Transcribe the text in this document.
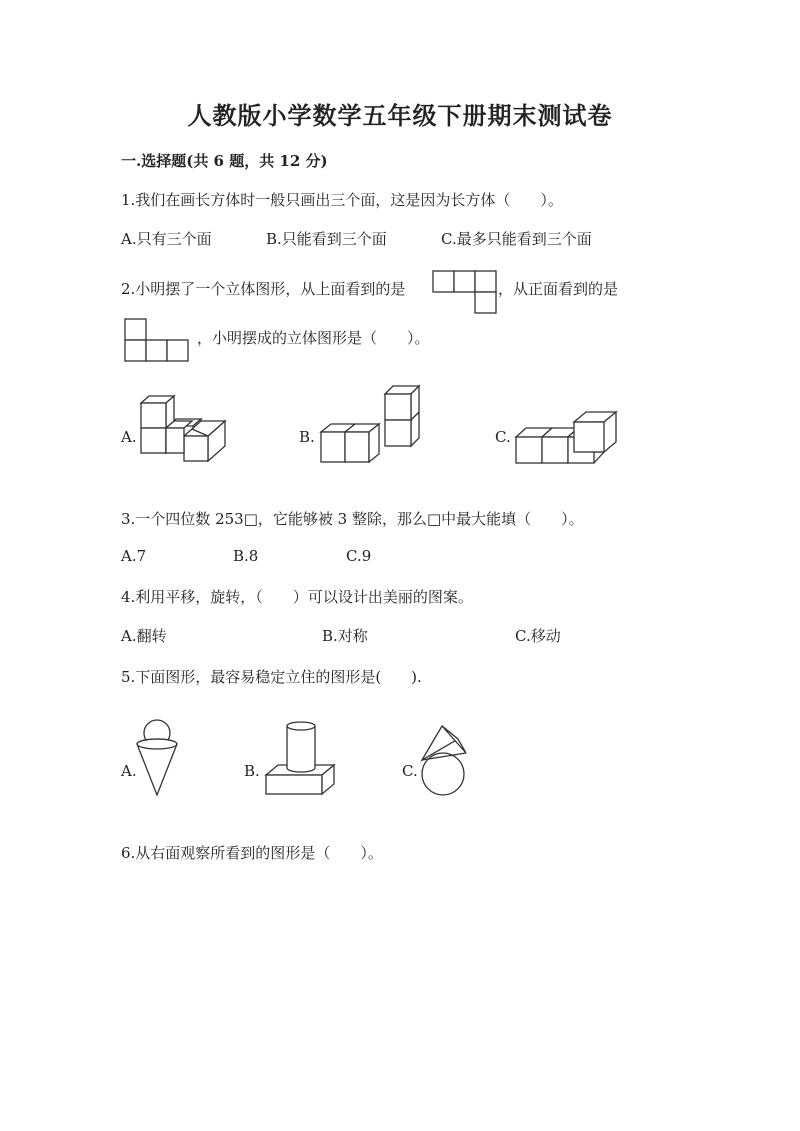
人教版小学数学五年级下册期末测试卷
一.选择题(共 6 题，共 12 分)
1.我们在画长方体时一般只画出三个面，这是因为长方体（　　）。
A.只有三个面	B.只能看到三个面	C.最多只能看到三个面
2.小明摆了一个立体图形，从上面看到的是	，从正面看到的是
，小明摆成的立体图形是（　　）。
A.	B.	C.
3.一个四位数 253□，它能够被 3 整除，那么□中最大能填（　　）。
A.7	B.8	C.9
4.利用平移，旋转，（　　）可以设计出美丽的图案。
A.翻转	B.对称	C.移动
5.下面图形，最容易稳定立住的图形是(　　).
A.	B.	C.
6.从右面观察所看到的图形是（　　）。
